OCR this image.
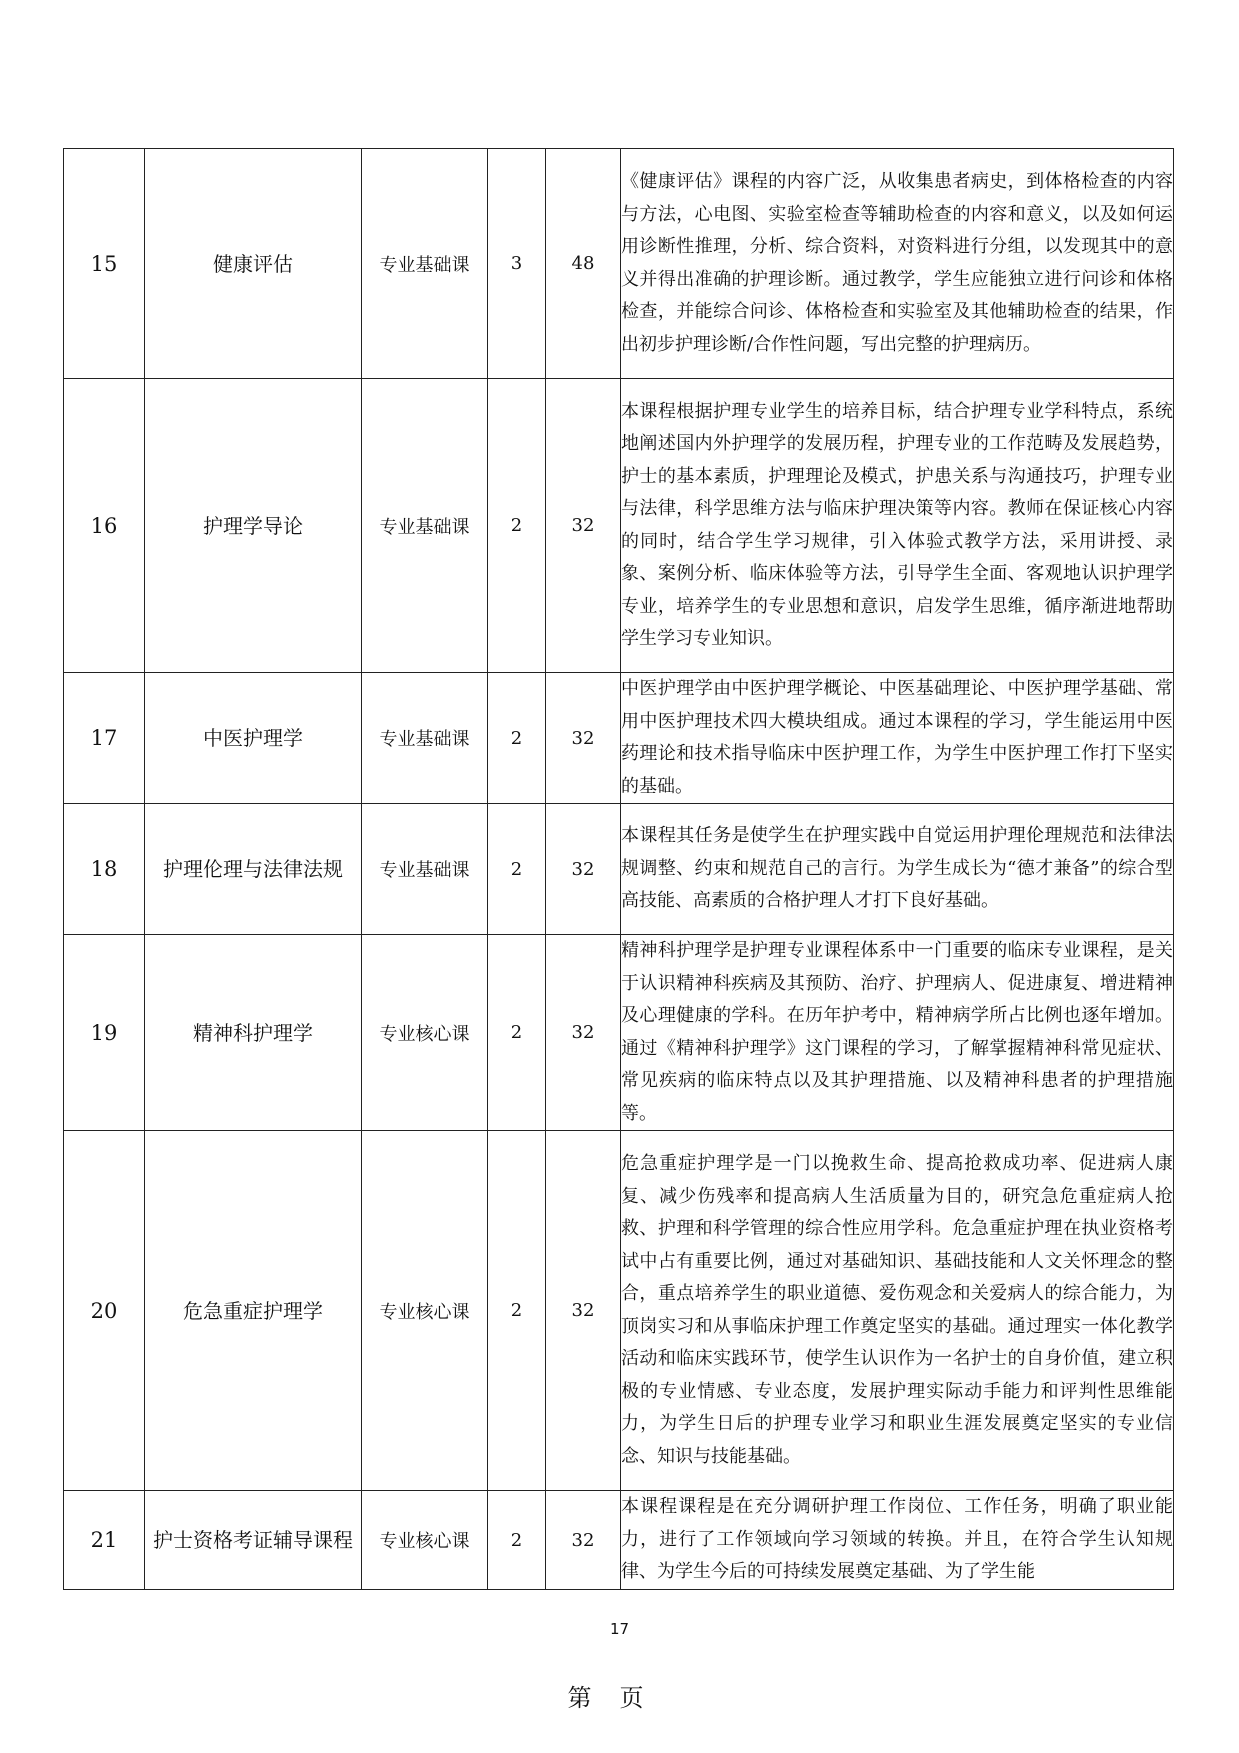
15	健康评估	专业基础课	3	48	《健康评估》课程的内容广泛，从收集患者病史，到体格检查的内容与方法，心电图、实验室检查等辅助检查的内容和意义，以及如何运用诊断性推理，分析、综合资料，对资料进行分组，以发现其中的意义并得出准确的护理诊断。通过教学，学生应能独立进行问诊和体格检查，并能综合问诊、体格检查和实验室及其他辅助检查的结果，作出初步护理诊断/合作性问题，写出完整的护理病历。
16	护理学导论	专业基础课	2	32	本课程根据护理专业学生的培养目标，结合护理专业学科特点，系统地阐述国内外护理学的发展历程，护理专业的工作范畴及发展趋势，护士的基本素质，护理理论及模式，护患关系与沟通技巧，护理专业与法律，科学思维方法与临床护理决策等内容。教师在保证核心内容的同时，结合学生学习规律，引入体验式教学方法，采用讲授、录象、案例分析、临床体验等方法，引导学生全面、客观地认识护理学专业，培养学生的专业思想和意识，启发学生思维，循序渐进地帮助学生学习专业知识。
17	中医护理学	专业基础课	2	32	中医护理学由中医护理学概论、中医基础理论、中医护理学基础、常用中医护理技术四大模块组成。通过本课程的学习，学生能运用中医药理论和技术指导临床中医护理工作，为学生中医护理工作打下坚实的基础。
18	护理伦理与法律法规	专业基础课	2	32	本课程其任务是使学生在护理实践中自觉运用护理伦理规范和法律法规调整、约束和规范自己的言行。为学生成长为“德才兼备”的综合型高技能、高素质的合格护理人才打下良好基础。
19	精神科护理学	专业核心课	2	32	精神科护理学是护理专业课程体系中一门重要的临床专业课程，是关于认识精神科疾病及其预防、治疗、护理病人、促进康复、增进精神及心理健康的学科。在历年护考中，精神病学所占比例也逐年增加。通过《精神科护理学》这门课程的学习，了解掌握精神科常见症状、常见疾病的临床特点以及其护理措施、以及精神科患者的护理措施等。
20	危急重症护理学	专业核心课	2	32	危急重症护理学是一门以挽救生命、提高抢救成功率、促进病人康复、减少伤残率和提高病人生活质量为目的，研究急危重症病人抢救、护理和科学管理的综合性应用学科。危急重症护理在执业资格考试中占有重要比例，通过对基础知识、基础技能和人文关怀理念的整合，重点培养学生的职业道德、爱伤观念和关爱病人的综合能力，为顶岗实习和从事临床护理工作奠定坚实的基础。通过理实一体化教学活动和临床实践环节，使学生认识作为一名护士的自身价值，建立积极的专业情感、专业态度，发展护理实际动手能力和评判性思维能力，为学生日后的护理专业学习和职业生涯发展奠定坚实的专业信念、知识与技能基础。
21	护士资格考证辅导课程	专业核心课	2	32	本课程课程是在充分调研护理工作岗位、工作任务，明确了职业能力，进行了工作领域向学习领域的转换。并且，在符合学生认知规律、为学生今后的可持续发展奠定基础、为了学生能
17
第页
